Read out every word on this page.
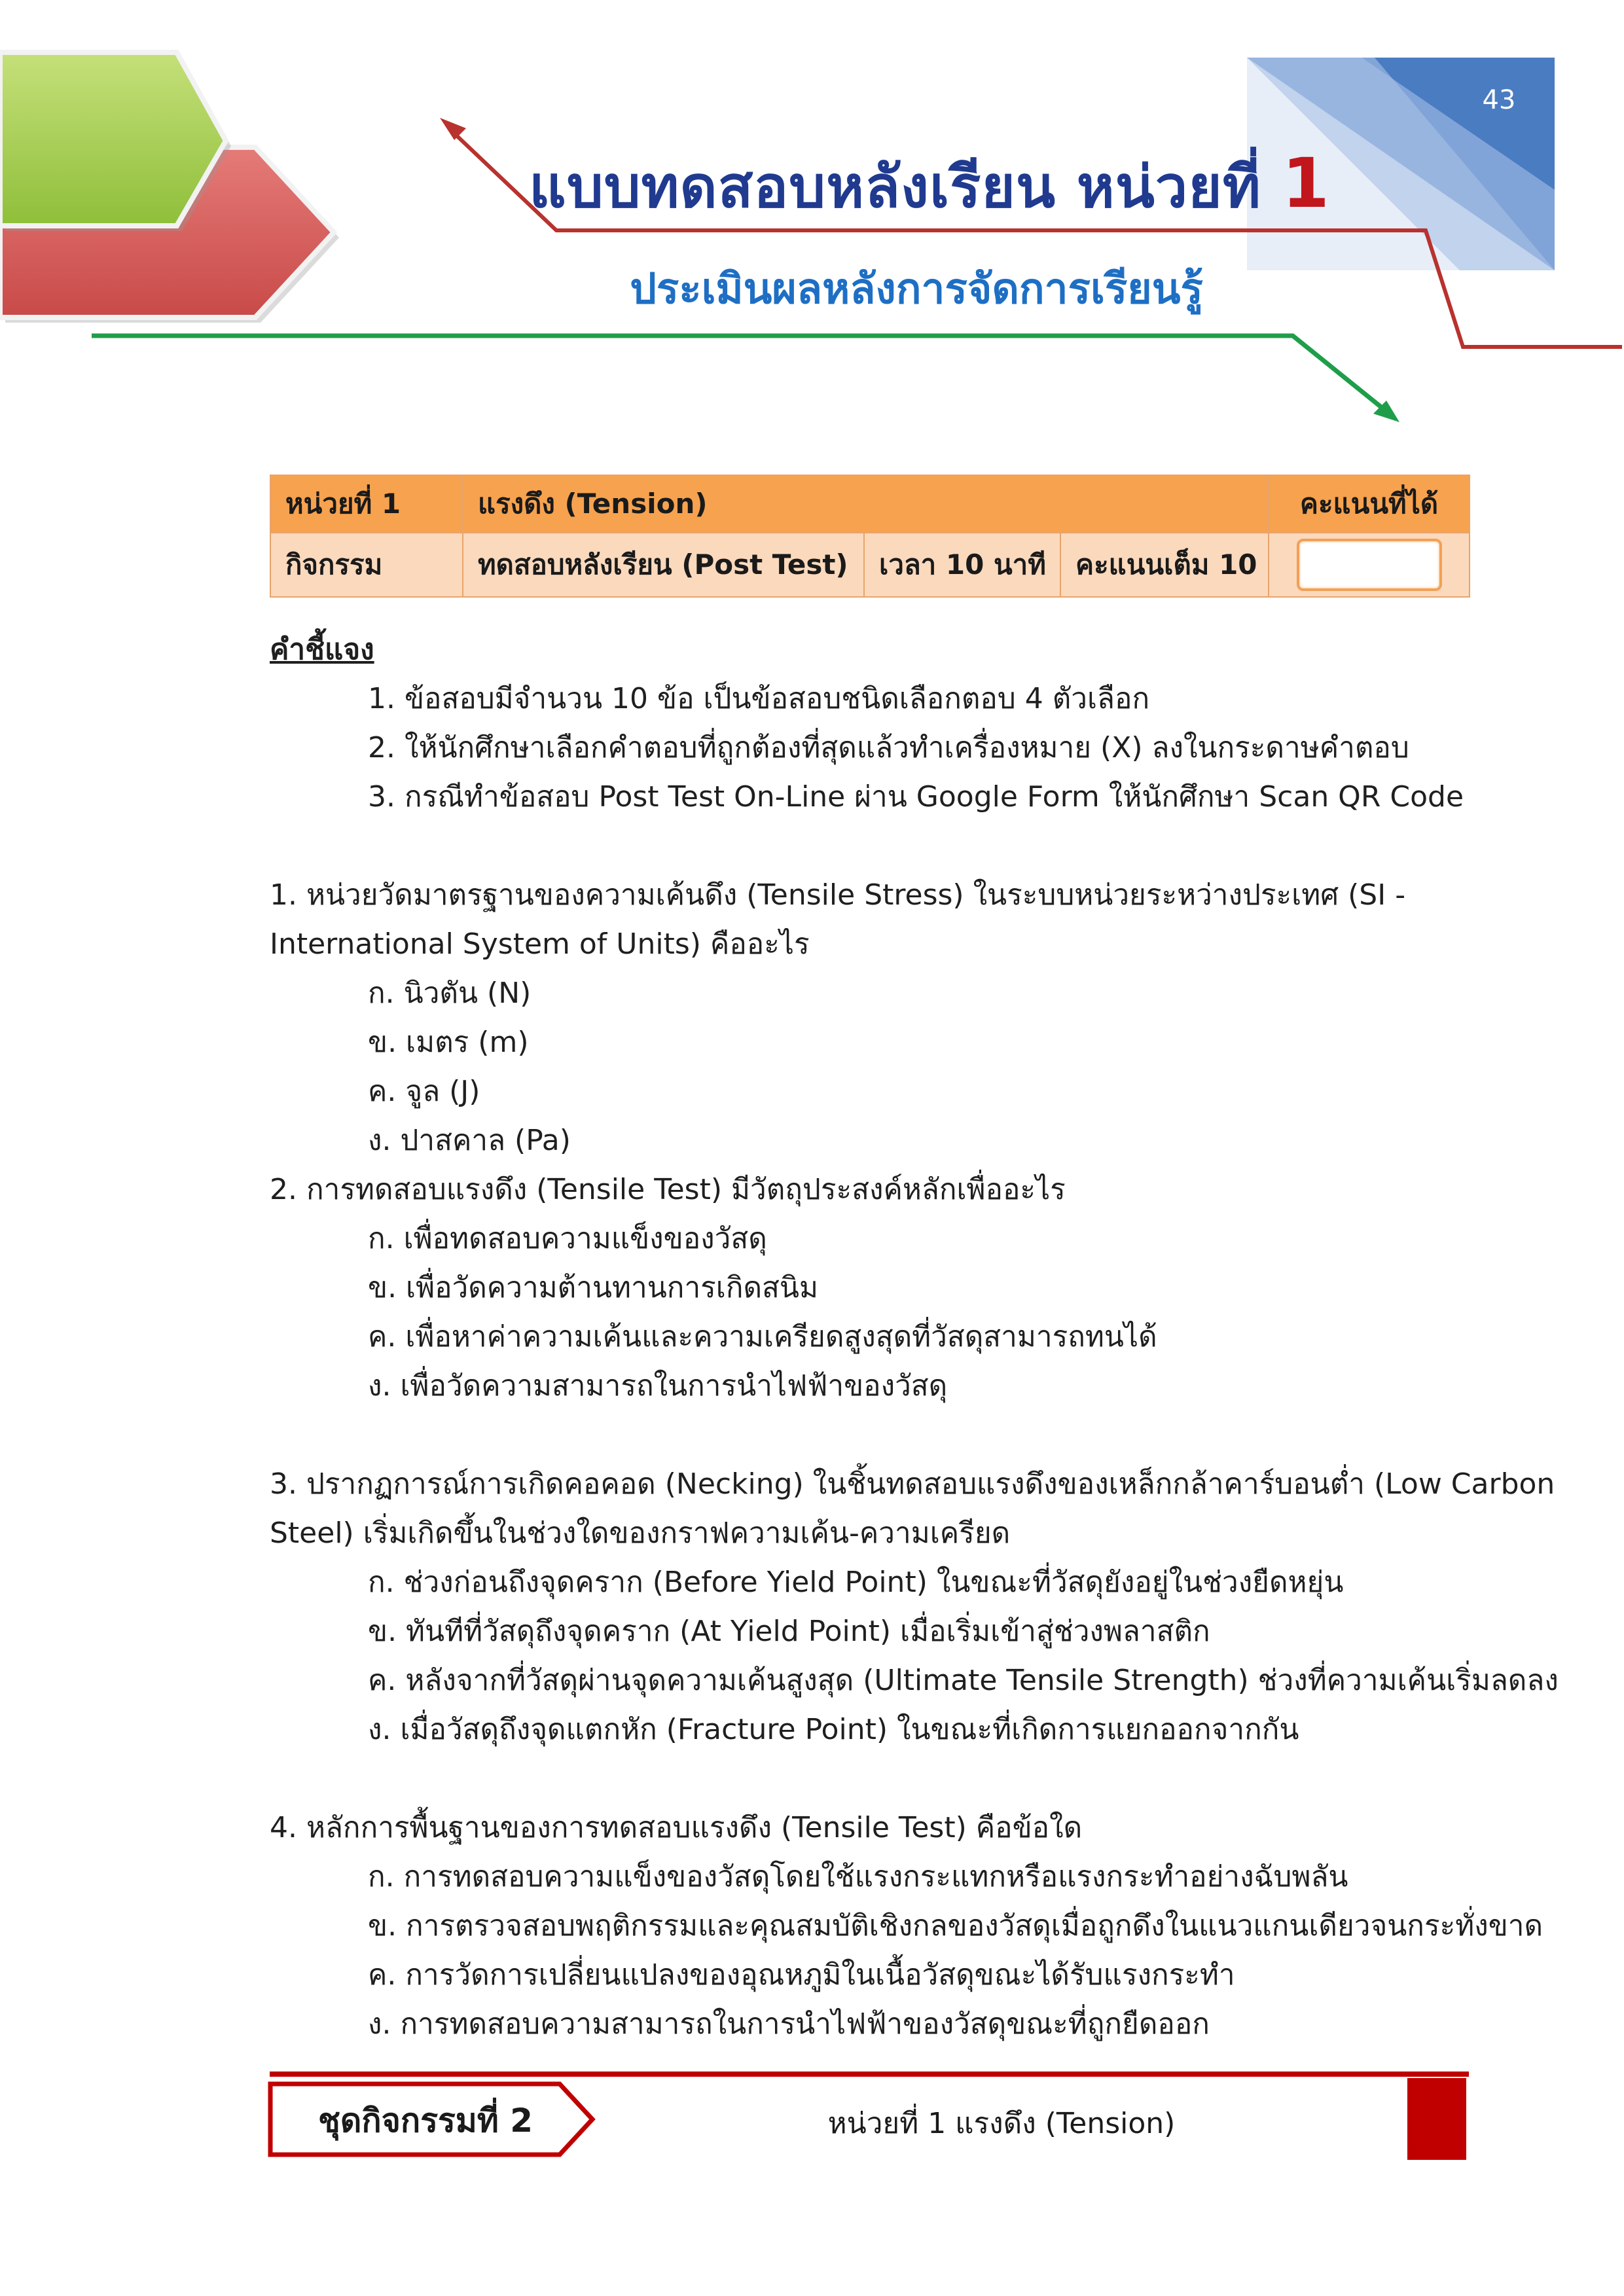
43
แบบทดสอบหลังเรียน หน่วยที่ 1
ประเมินผลหลังการจัดการเรียนรู้
หน่วยที่ 1	แรงดึง (Tension)			คะแนนที่ได้
กิจกรรม	ทดสอบหลังเรียน (Post Test)	เวลา 10 นาที	คะแนนเต็ม 10	
คำชี้แจง
1. ข้อสอบมีจำนวน 10 ข้อ เป็นข้อสอบชนิดเลือกตอบ 4 ตัวเลือก
2. ให้นักศึกษาเลือกคำตอบที่ถูกต้องที่สุดแล้วทำเครื่องหมาย (X) ลงในกระดาษคำตอบ
3. กรณีทำข้อสอบ Post Test On-Line ผ่าน Google Form ให้นักศึกษา Scan QR Code
1. หน่วยวัดมาตรฐานของความเค้นดึง (Tensile Stress) ในระบบหน่วยระหว่างประเทศ (SI -
International System of Units) คืออะไร
ก. นิวตัน (N)
ข. เมตร (m)
ค. จูล (J)
ง. ปาสคาล (Pa)
2. การทดสอบแรงดึง (Tensile Test) มีวัตถุประสงค์หลักเพื่ออะไร
ก. เพื่อทดสอบความแข็งของวัสดุ
ข. เพื่อวัดความต้านทานการเกิดสนิม
ค. เพื่อหาค่าความเค้นและความเครียดสูงสุดที่วัสดุสามารถทนได้
ง. เพื่อวัดความสามารถในการนำไฟฟ้าของวัสดุ
3. ปรากฏการณ์การเกิดคอคอด (Necking) ในชิ้นทดสอบแรงดึงของเหล็กกล้าคาร์บอนต่ำ (Low Carbon
Steel) เริ่มเกิดขึ้นในช่วงใดของกราฟความเค้น-ความเครียด
ก. ช่วงก่อนถึงจุดคราก (Before Yield Point) ในขณะที่วัสดุยังอยู่ในช่วงยืดหยุ่น
ข. ทันทีที่วัสดุถึงจุดคราก (At Yield Point) เมื่อเริ่มเข้าสู่ช่วงพลาสติก
ค. หลังจากที่วัสดุผ่านจุดความเค้นสูงสุด (Ultimate Tensile Strength) ช่วงที่ความเค้นเริ่มลดลง
ง. เมื่อวัสดุถึงจุดแตกหัก (Fracture Point) ในขณะที่เกิดการแยกออกจากกัน
4. หลักการพื้นฐานของการทดสอบแรงดึง (Tensile Test) คือข้อใด
ก. การทดสอบความแข็งของวัสดุโดยใช้แรงกระแทกหรือแรงกระทำอย่างฉับพลัน
ข. การตรวจสอบพฤติกรรมและคุณสมบัติเชิงกลของวัสดุเมื่อถูกดึงในแนวแกนเดียวจนกระทั่งขาด
ค. การวัดการเปลี่ยนแปลงของอุณหภูมิในเนื้อวัสดุขณะได้รับแรงกระทำ
ง. การทดสอบความสามารถในการนำไฟฟ้าของวัสดุขณะที่ถูกยืดออก
ชุดกิจกรรมที่ 2	หน่วยที่ 1 แรงดึง (Tension)
